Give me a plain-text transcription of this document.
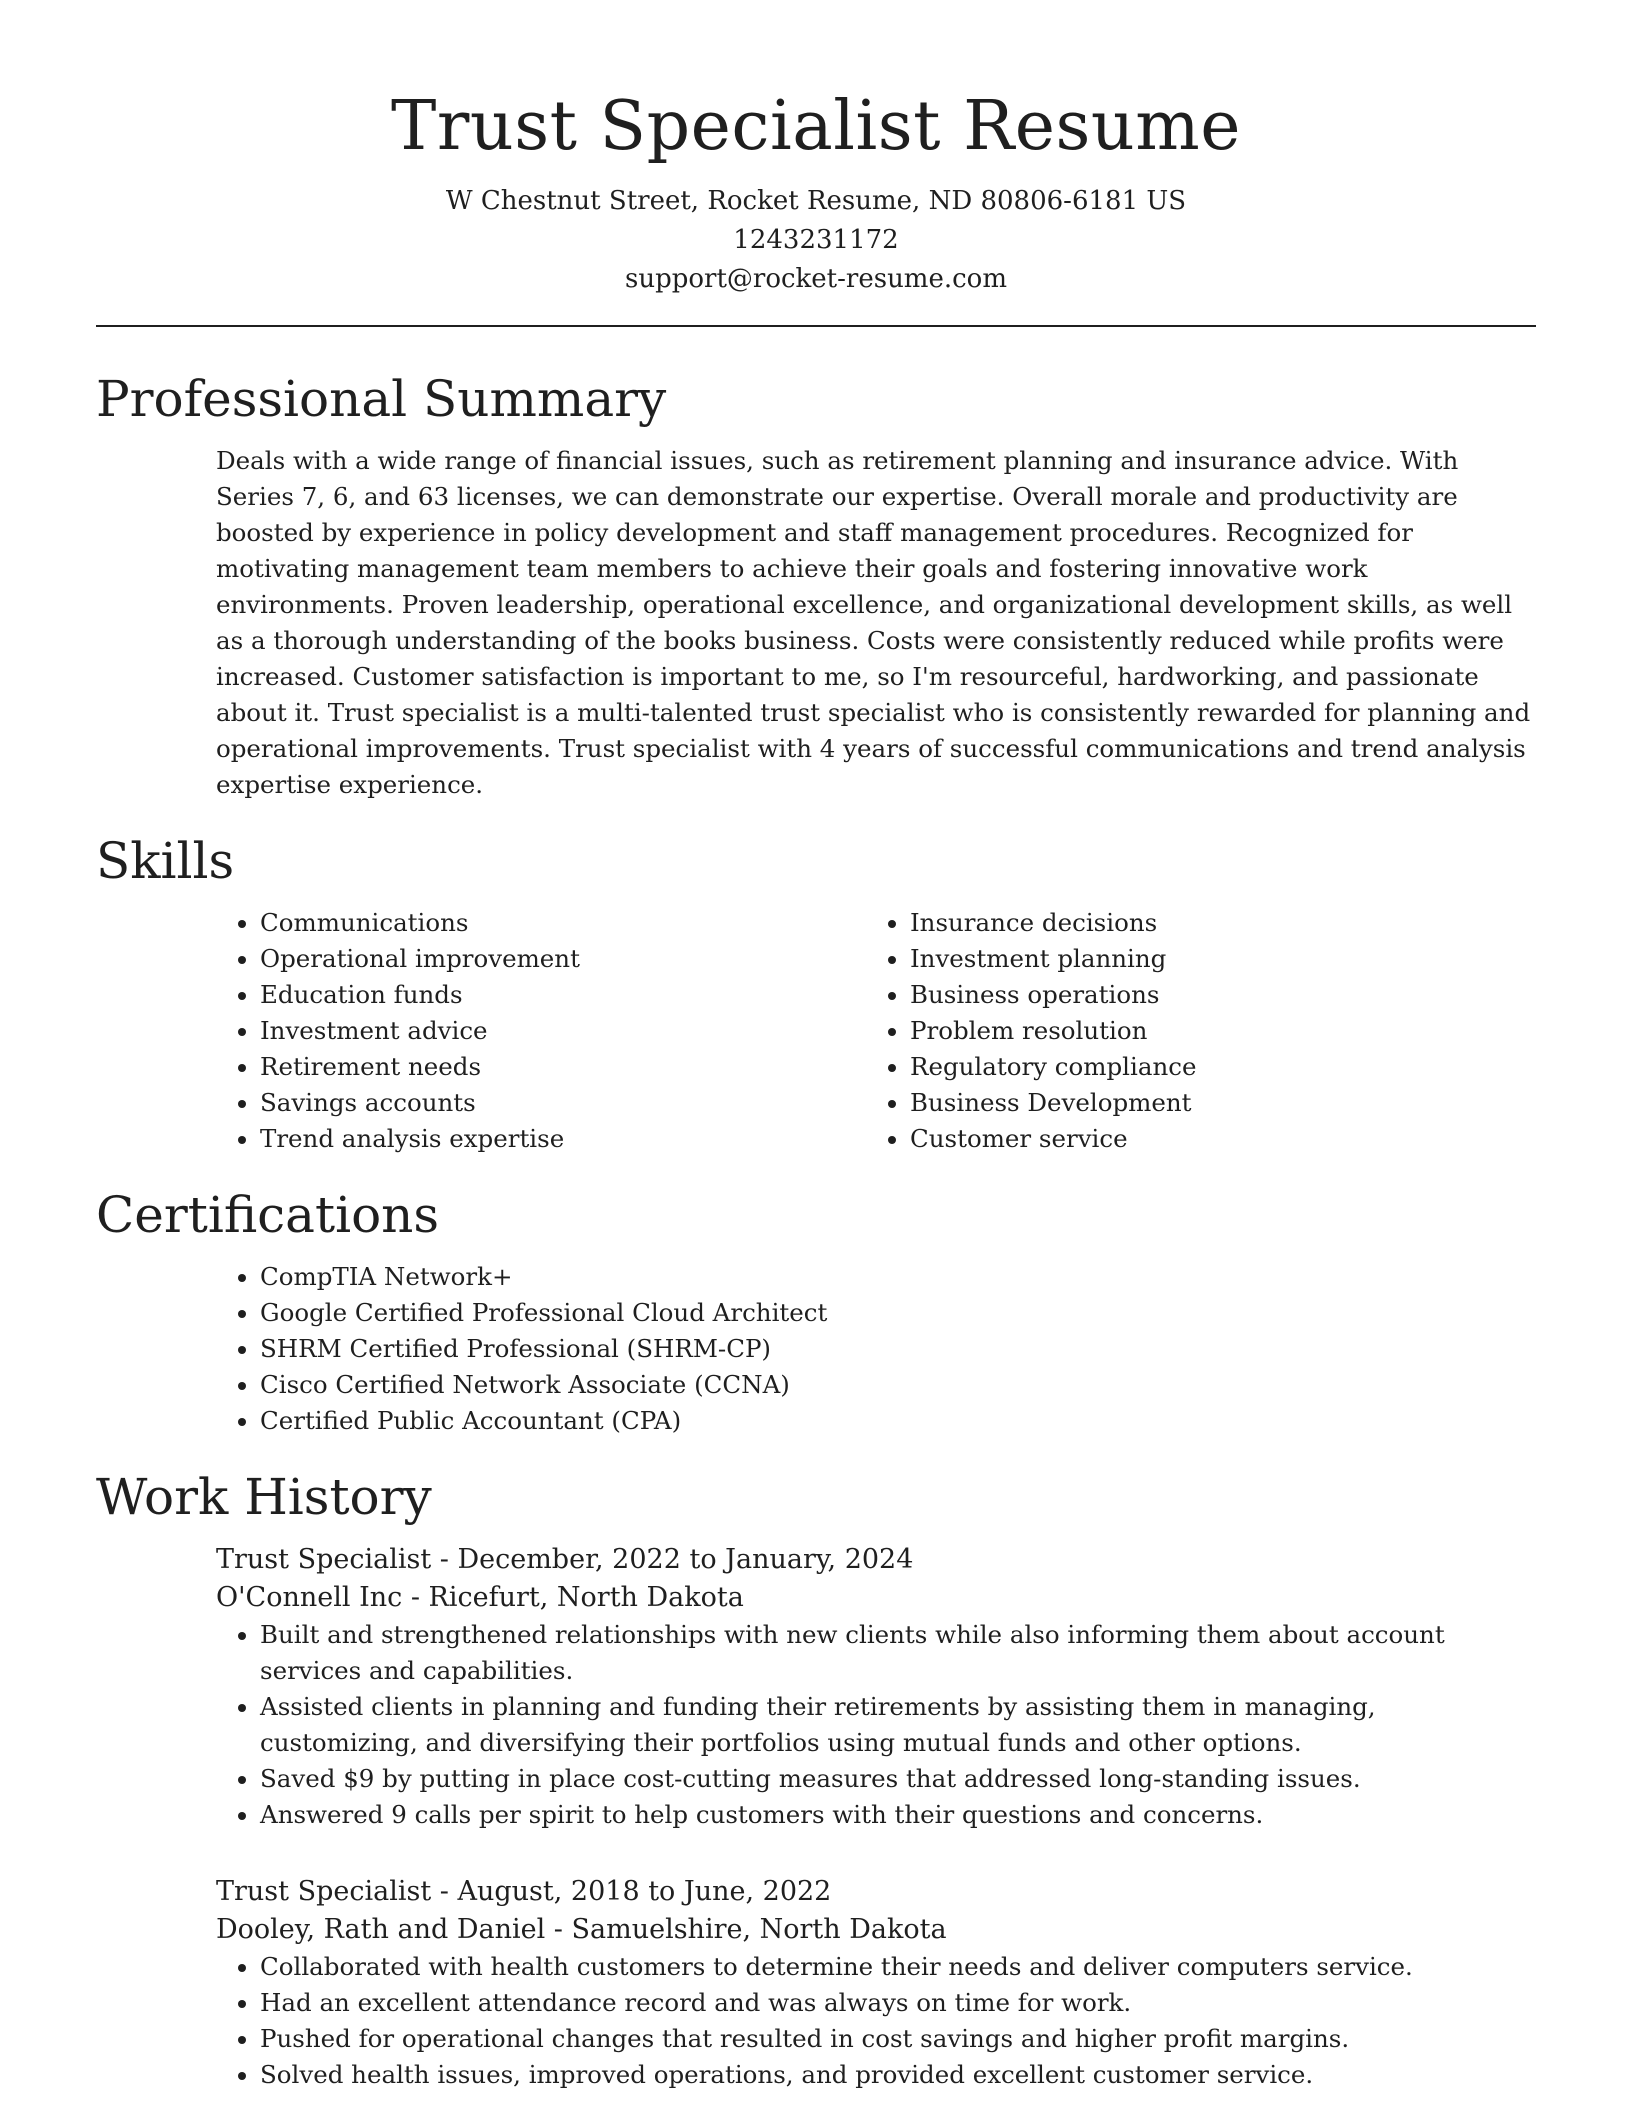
Trust Specialist Resume
W Chestnut Street, Rocket Resume, ND 80806-6181 US
1243231172
support@rocket-resume.com
Professional Summary

Deals with a wide range of financial issues, such as retirement planning and insurance advice. With Series 7, 6, and 63 licenses, we can demonstrate our expertise. Overall morale and productivity are boosted by experience in policy development and staff management procedures. Recognized for motivating management team members to achieve their goals and fostering innovative work environments. Proven leadership, operational excellence, and organizational development skills, as well as a thorough understanding of the books business. Costs were consistently reduced while profits were increased. Customer satisfaction is important to me, so I'm resourceful, hardworking, and passionate about it. Trust specialist is a multi-talented trust specialist who is consistently rewarded for planning and operational improvements. Trust specialist with 4 years of successful communications and trend analysis expertise experience.

Skills
• Communications
• Operational improvement
• Education funds
• Investment advice
• Retirement needs
• Savings accounts
• Trend analysis expertise
• Insurance decisions
• Investment planning
• Business operations
• Problem resolution
• Regulatory compliance
• Business Development
• Customer service
Certifications
• CompTIA Network+
• Google Certified Professional Cloud Architect
• SHRM Certified Professional (SHRM-CP)
• Cisco Certified Network Associate (CCNA)
• Certified Public Accountant (CPA)
Work History
Trust Specialist - December, 2022 to January, 2024
O'Connell Inc - Ricefurt, North Dakota
• Built and strengthened relationships with new clients while also informing them about account services and capabilities.
• Assisted clients in planning and funding their retirements by assisting them in managing, customizing, and diversifying their portfolios using mutual funds and other options.
• Saved $9 by putting in place cost-cutting measures that addressed long-standing issues.
• Answered 9 calls per spirit to help customers with their questions and concerns.
Trust Specialist - August, 2018 to June, 2022
Dooley, Rath and Daniel - Samuelshire, North Dakota
• Collaborated with health customers to determine their needs and deliver computers service.
• Had an excellent attendance record and was always on time for work.
• Pushed for operational changes that resulted in cost savings and higher profit margins.
• Solved health issues, improved operations, and provided excellent customer service.
